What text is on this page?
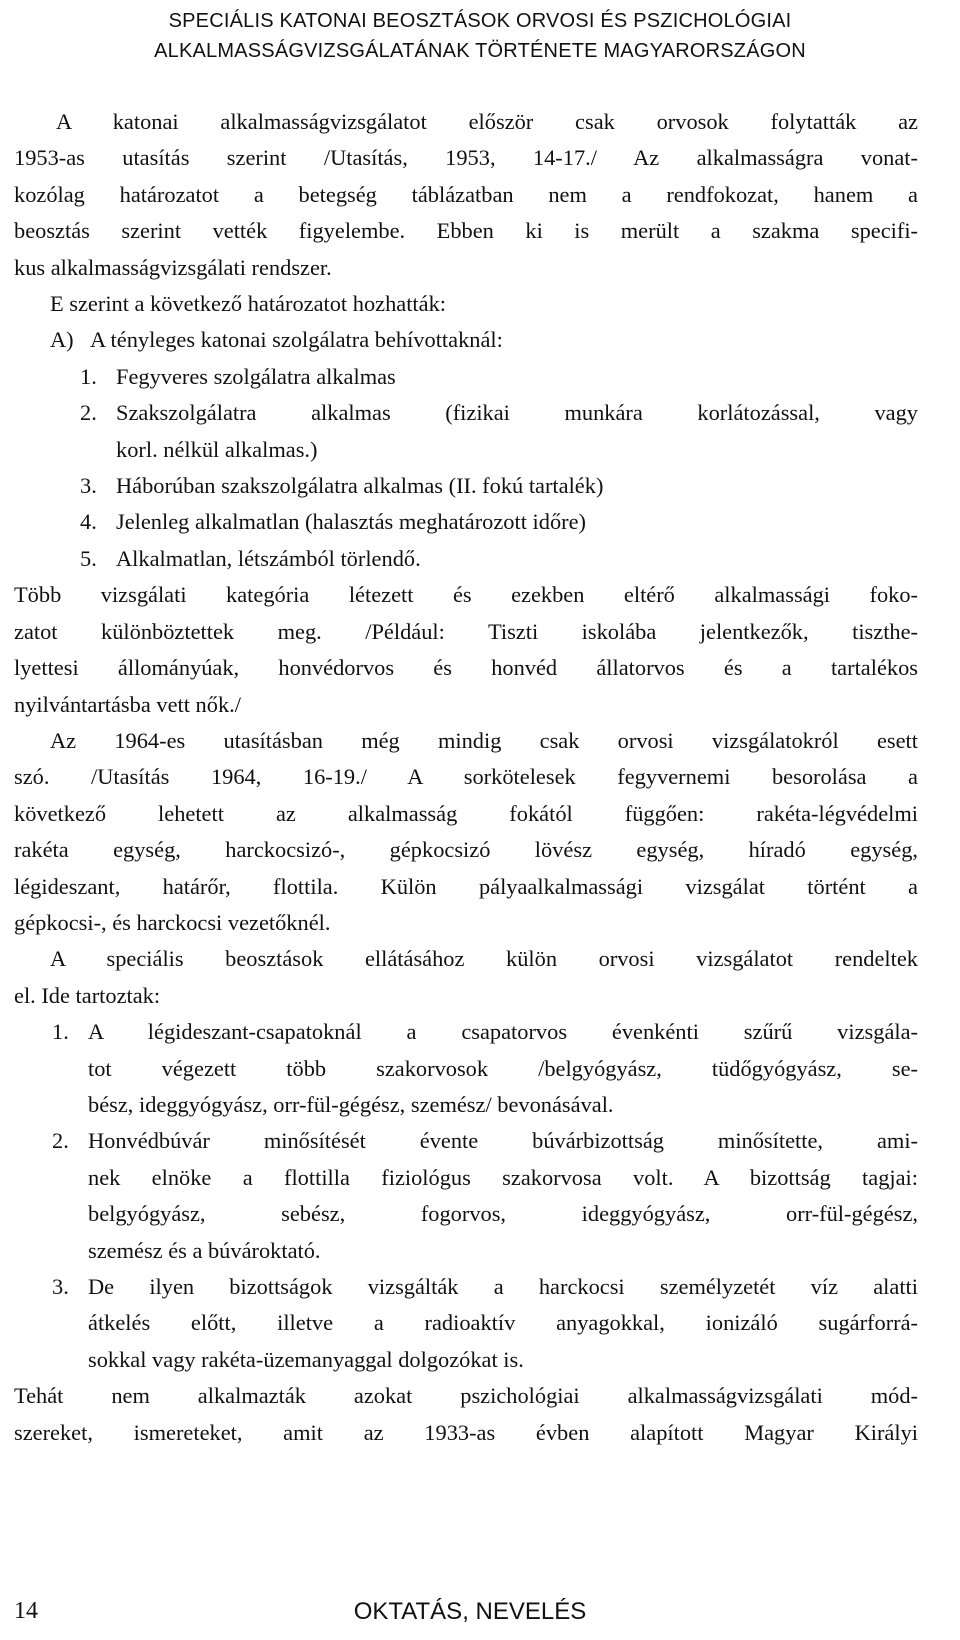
SPECIÁLIS KATONAI BEOSZTÁSOK ORVOSI ÉS PSZICHOLÓGIAI
ALKALMASSÁGVIZSGÁLATÁNAK TÖRTÉNETE MAGYARORSZÁGON

A katonai alkalmasságvizsgálatot először csak orvosok folytatták az

1953-as utasítás szerint /Utasítás, 1953, 14-17./ Az alkalmasságra vonat-
kozólag határozatot a betegség táblázatban nem a rendfokozat, hanem a
beosztás szerint vették figyelembe. Ebben ki is merült a szakma specifi-
kus alkalmasságvizsgálati rendszer.

E szerint a következő határozatot hozhatták:

A) A tényleges katonai szolgálatra behívottaknál:

1. Fegyveres szolgálatra alkalmas

2. Szakszolgálatra alkalmas (fizikai munkára korlátozással, vagy
korl. nélkül alkalmas.)

3. Háborúban szakszolgálatra alkalmas (II. fokú tartalék)

4. Jelenleg alkalmatlan (halasztás meghatározott időre)

5. Alkalmatlan, létszámból törlendő.

Több vizsgálati kategória létezett és ezekben eltérő alkalmassági foko-
zatot különböztettek meg. /Például: Tiszti iskolába jelentkezők, tiszthe-
lyettesi állományúak, honvédorvos és honvéd állatorvos és a tartalékos
nyilvántartásba vett nők./

Az 1964-es utasításban még mindig csak orvosi vizsgálatokról esett

szó. /Utasítás 1964, 16-19./ A sorkötelesek fegyvernemi besorolása a
következő lehetett az alkalmasság fokától függően: rakéta-légvédelmi
rakéta egység, harckocsizó-, gépkocsizó lövész egység, híradó egység,
légideszant, határőr, flottila. Külön pályaalkalmassági vizsgálat történt a
gépkocsi-, és harckocsi vezetőknél.

A speciális beosztások ellátásához külön orvosi vizsgálatot rendeltek

el. Ide tartoztak:

1. A légideszant-csapatoknál a csapatorvos évenkénti szűrű vizsgála-
tot végezett több szakorvosok /belgyógyász, tüdőgyógyász, se-
bész, ideggyógyász, orr-fül-gégész, szemész/ bevonásával.

2. Honvédbúvár minősítését évente búvárbizottság minősítette, ami-
nek elnöke a flottilla fiziológus szakorvosa volt. A bizottság tagjai:
belgyógyász, sebész, fogorvos, ideggyógyász, orr-fül-gégész,
szemész és a búvároktató.

3. De ilyen bizottságok vizsgálták a harckocsi személyzetét víz alatti
átkelés előtt, illetve a radioaktív anyagokkal, ionizáló sugárforrá-
sokkal vagy rakéta-üzemanyaggal dolgozókat is.

Tehát nem alkalmazták azokat pszichológiai alkalmasságvizsgálati mód-
szereket, ismereteket, amit az 1933-as évben alapított Magyar Királyi

14	OKTATÁS, NEVELÉS
